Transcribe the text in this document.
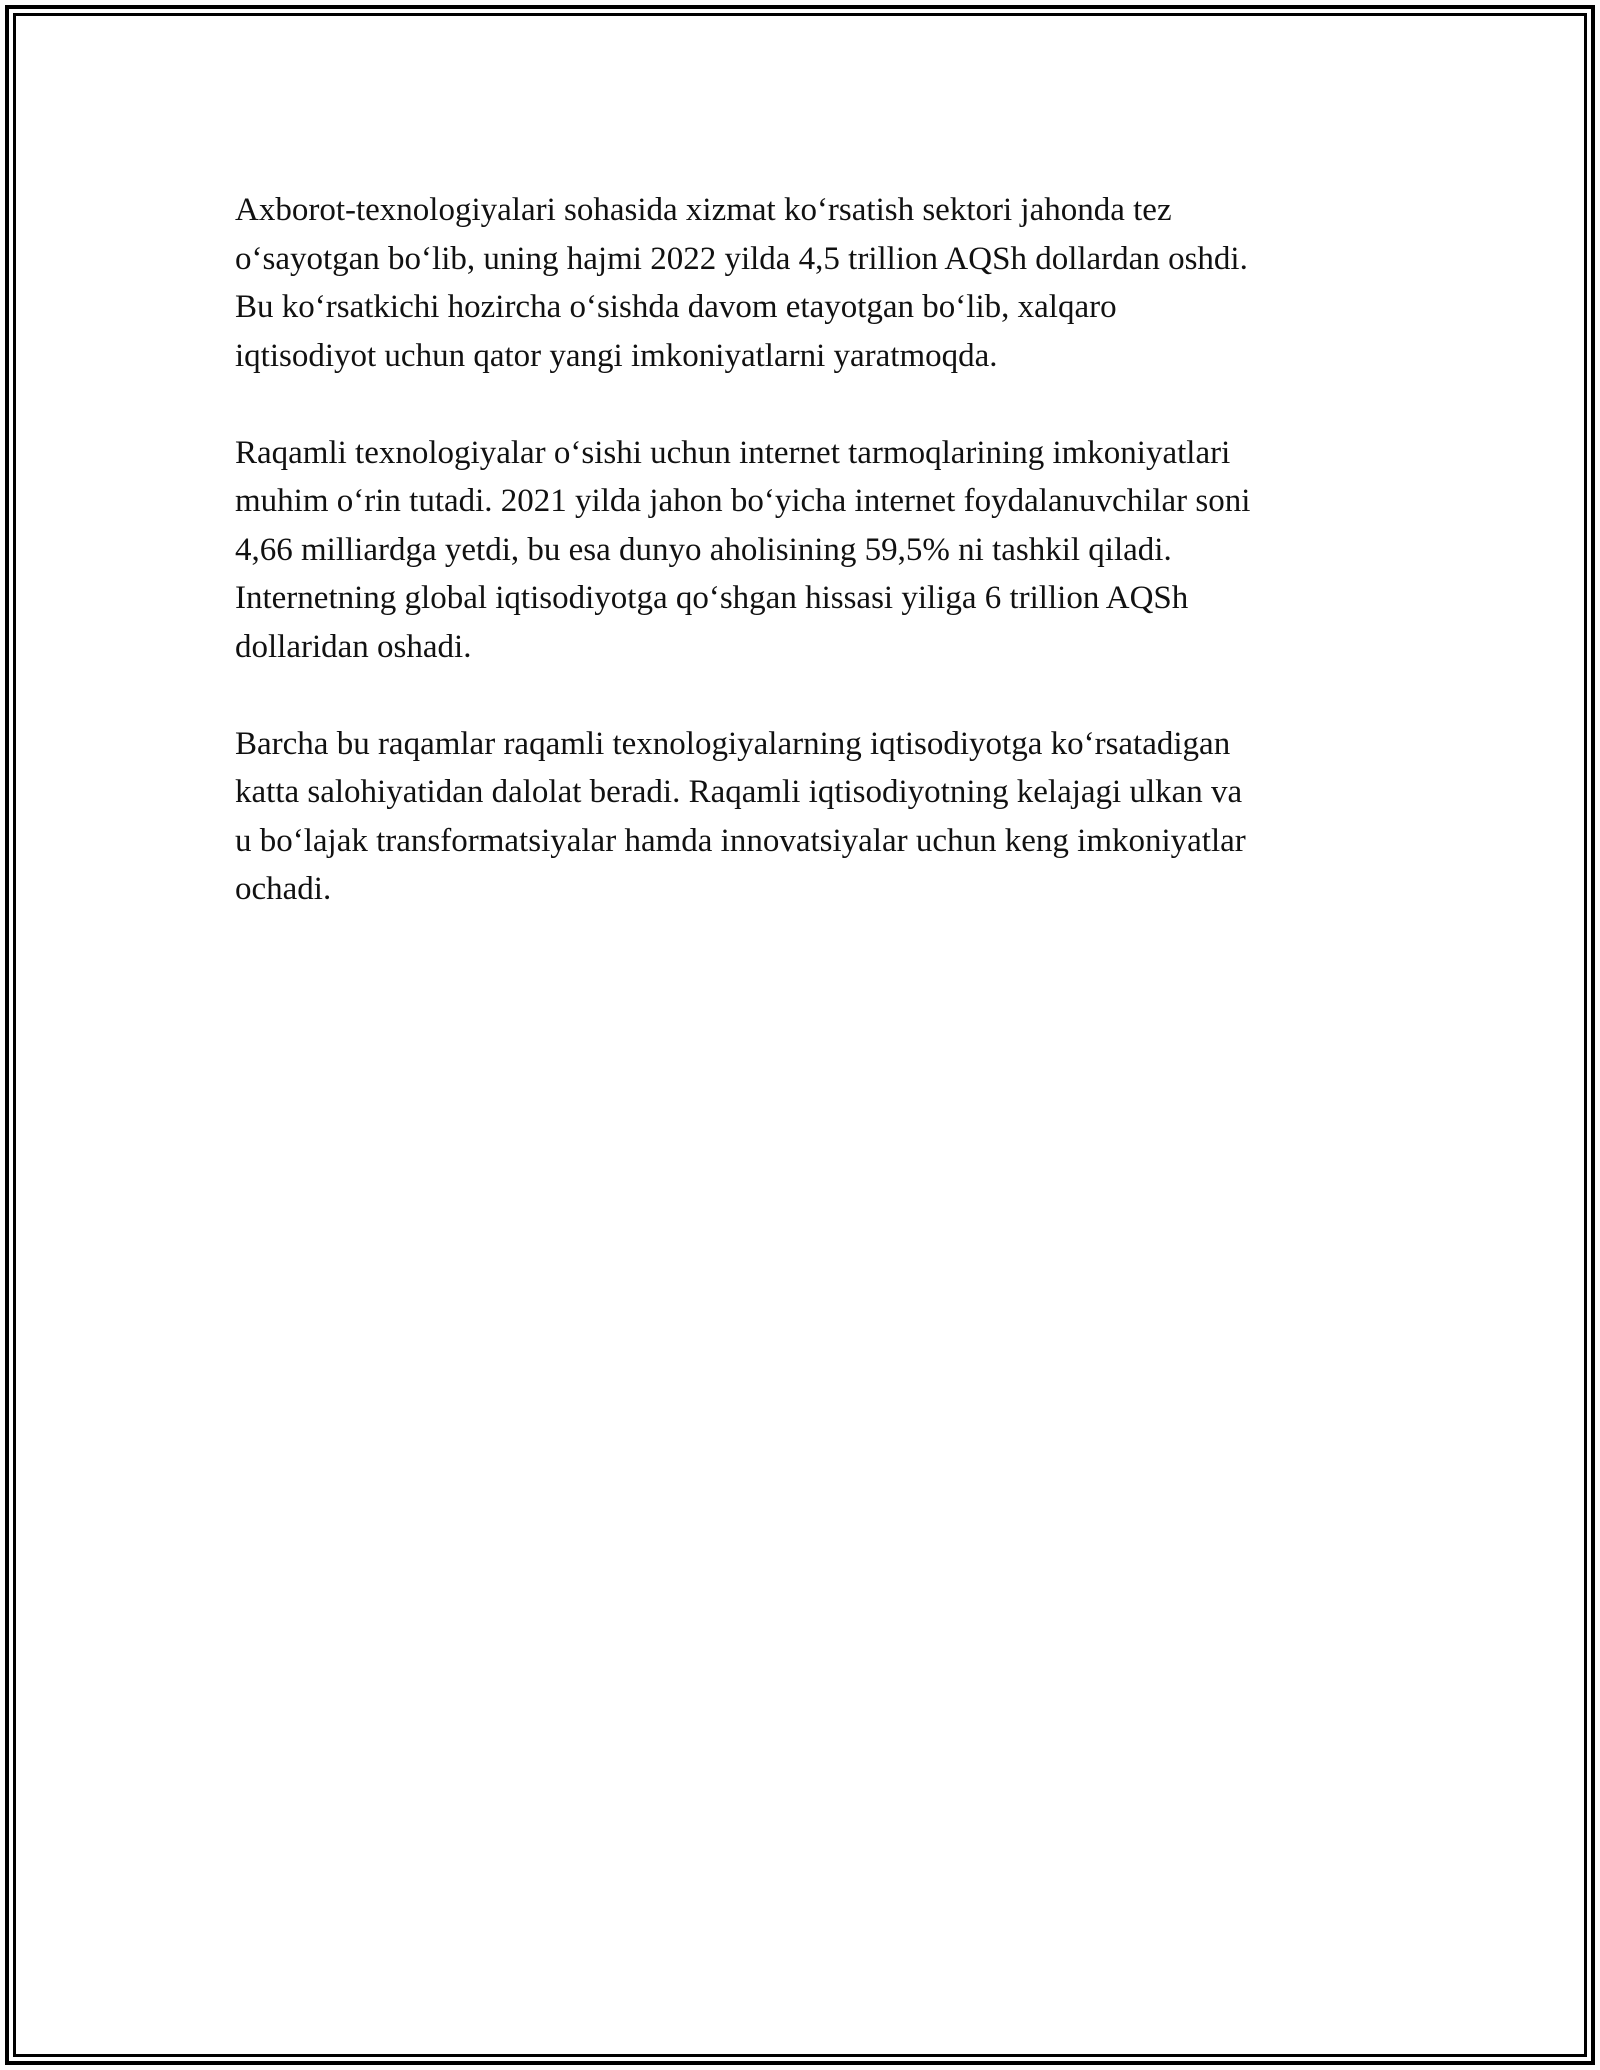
Axborot-texnologiyalari sohasida xizmat ko‘rsatish sektori jahonda tez
o‘sayotgan bo‘lib, uning hajmi 2022 yilda 4,5 trillion AQSh dollardan oshdi.
Bu ko‘rsatkichi hozircha o‘sishda davom etayotgan bo‘lib, xalqaro
iqtisodiyot uchun qator yangi imkoniyatlarni yaratmoqda.

Raqamli texnologiyalar o‘sishi uchun internet tarmoqlarining imkoniyatlari
muhim o‘rin tutadi. 2021 yilda jahon bo‘yicha internet foydalanuvchilar soni
4,66 milliardga yetdi, bu esa dunyo aholisining 59,5% ni tashkil qiladi.
Internetning global iqtisodiyotga qo‘shgan hissasi yiliga 6 trillion AQSh
dollaridan oshadi.

Barcha bu raqamlar raqamli texnologiyalarning iqtisodiyotga ko‘rsatadigan
katta salohiyatidan dalolat beradi. Raqamli iqtisodiyotning kelajagi ulkan va
u bo‘lajak transformatsiyalar hamda innovatsiyalar uchun keng imkoniyatlar
ochadi.
